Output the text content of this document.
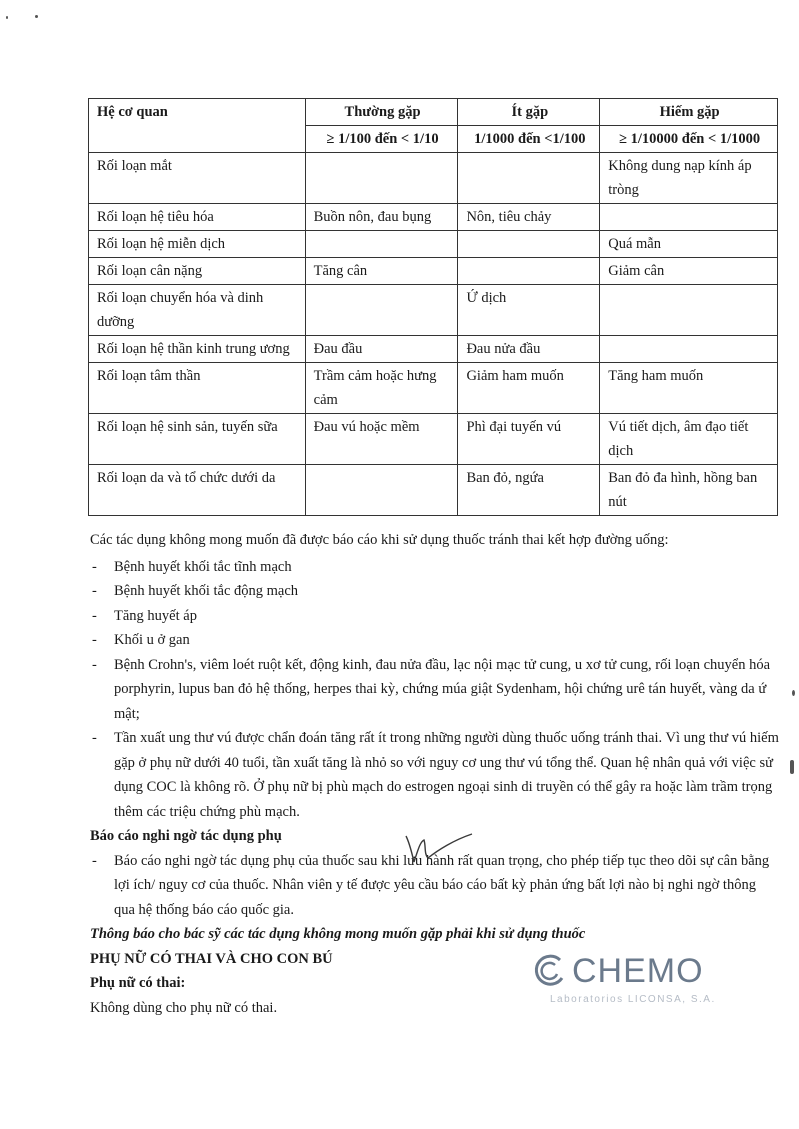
Hệ cơ quan	Thường gặp	Ít gặp	Hiếm gặp
	≥ 1/100 đến < 1/10	1/1000 đến <1/100	≥ 1/10000 đến < 1/1000
Rối loạn mắt			Không dung nạp kính áp tròng
Rối loạn hệ tiêu hóa	Buồn nôn, đau bụng	Nôn, tiêu chảy	
Rối loạn hệ miễn dịch			Quá mẫn
Rối loạn cân nặng	Tăng cân		Giảm cân
Rối loạn chuyển hóa và dinh dưỡng		Ứ dịch	
Rối loạn hệ thần kinh trung ương	Đau đầu	Đau nửa đầu	
Rối loạn tâm thần	Trầm cảm hoặc hưng cảm	Giảm ham muốn	Tăng ham muốn
Rối loạn hệ sinh sản, tuyến sữa	Đau vú hoặc mềm	Phì đại tuyến vú	Vú tiết dịch, âm đạo tiết dịch
Rối loạn da và tổ chức dưới da		Ban đỏ, ngứa	Ban đỏ đa hình, hồng ban nút

Các tác dụng không mong muốn đã được báo cáo khi sử dụng thuốc tránh thai kết hợp đường uống:

- Bệnh huyết khối tắc tĩnh mạch
- Bệnh huyết khối tắc động mạch
- Tăng huyết áp
- Khối u ở gan
- Bệnh Crohn's, viêm loét ruột kết, động kinh, đau nửa đầu, lạc nội mạc tử cung, u xơ tử cung, rối loạn chuyển hóa porphyrin, lupus ban đỏ hệ thống, herpes thai kỳ, chứng múa giật Sydenham, hội chứng urê tán huyết, vàng da ứ mật;
- Tần xuất ung thư vú được chẩn đoán tăng rất ít trong những người dùng thuốc uống tránh thai. Vì ung thư vú hiếm gặp ở phụ nữ dưới 40 tuổi, tần xuất tăng là nhỏ so với nguy cơ ung thư vú tổng thể. Quan hệ nhân quả với việc sử dụng COC là không rõ. Ở phụ nữ bị phù mạch do estrogen ngoại sinh di truyền có thể gây ra hoặc làm trầm trọng thêm các triệu chứng phù mạch.

Báo cáo nghi ngờ tác dụng phụ

- Báo cáo nghi ngờ tác dụng phụ của thuốc sau khi lưu hành rất quan trọng, cho phép tiếp tục theo dõi sự cân bằng lợi ích/ nguy cơ của thuốc. Nhân viên y tế được yêu cầu báo cáo bất kỳ phản ứng bất lợi nào bị nghi ngờ thông qua hệ thống báo cáo quốc gia.

Thông báo cho bác sỹ các tác dụng không mong muốn gặp phải khi sử dụng thuốc

PHỤ NỮ CÓ THAI VÀ CHO CON BÚ

Phụ nữ có thai:

Không dùng cho phụ nữ có thai.

CHEMO
Laboratorios LICONSA, S.A.
